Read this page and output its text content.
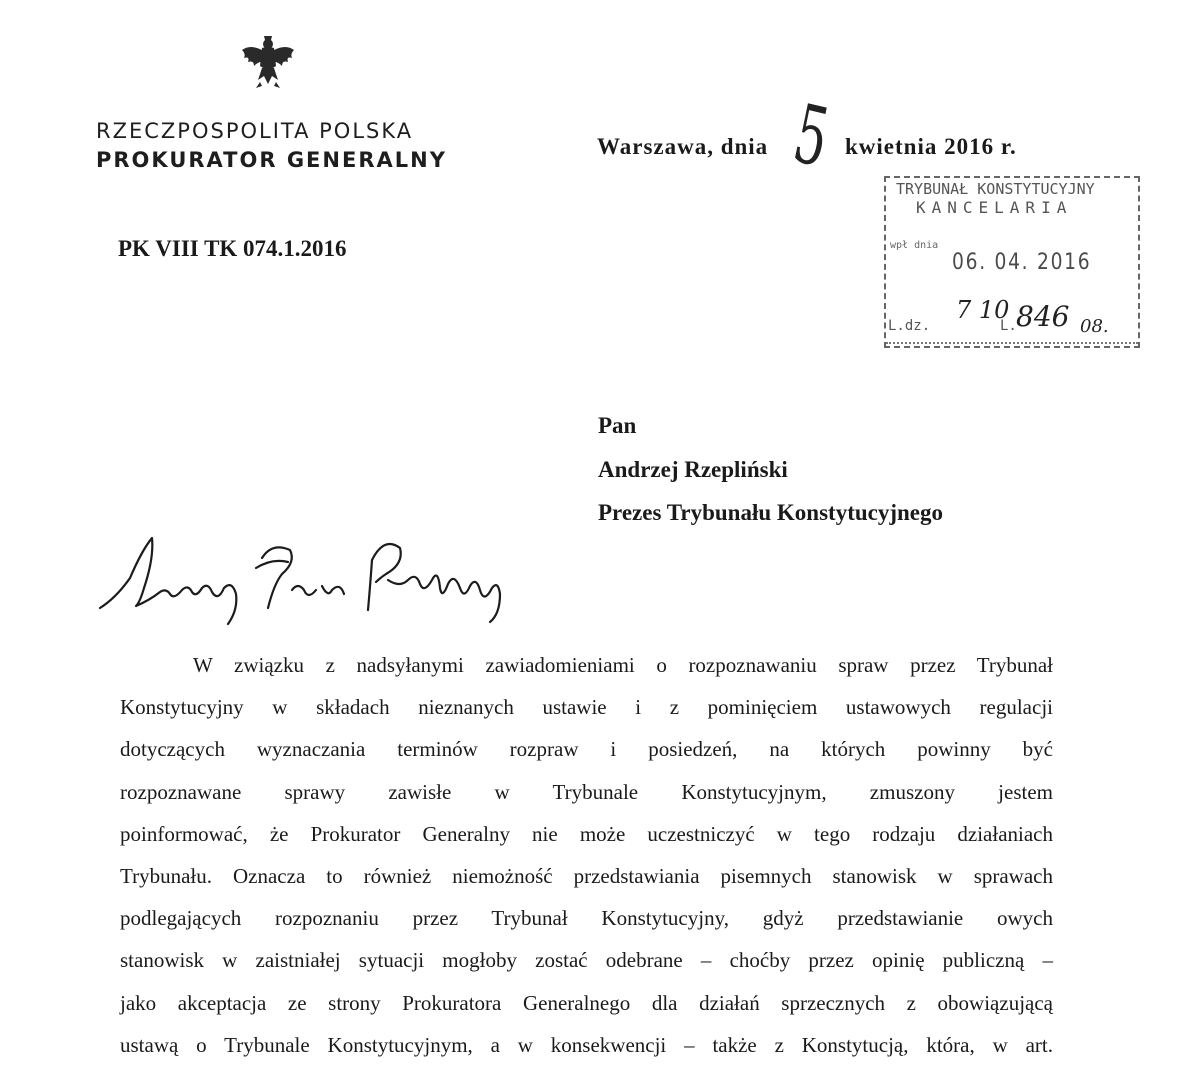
RZECZPOSPOLITA POLSKA
PROKURATOR GENERALNY
PK VIII TK 074.1.2016
Warszawa, dnia 5 kwietnia 2016 r.
TRYBUNAŁ KONSTYTUCYJNY
KANCELARIA
wpł dnia
06. 04. 2016
L.dz.
7 10
L. 846 08.
Pan
Andrzej Rzepliński
Prezes Trybunału Konstytucyjnego
W związku z nadsyłanymi zawiadomieniami o rozpoznawaniu spraw przez Trybunał
Konstytucyjny w składach nieznanych ustawie i z pominięciem ustawowych regulacji
dotyczących wyznaczania terminów rozpraw i posiedzeń, na których powinny być
rozpoznawane sprawy zawisłe w Trybunale Konstytucyjnym, zmuszony jestem
poinformować, że Prokurator Generalny nie może uczestniczyć w tego rodzaju działaniach
Trybunału. Oznacza to również niemożność przedstawiania pisemnych stanowisk w sprawach
podlegających rozpoznaniu przez Trybunał Konstytucyjny, gdyż przedstawianie owych
stanowisk w zaistniałej sytuacji mogłoby zostać odebrane – choćby przez opinię publiczną –
jako akceptacja ze strony Prokuratora Generalnego dla działań sprzecznych z obowiązującą
ustawą o Trybunale Konstytucyjnym, a w konsekwencji – także z Konstytucją, która, w art.
